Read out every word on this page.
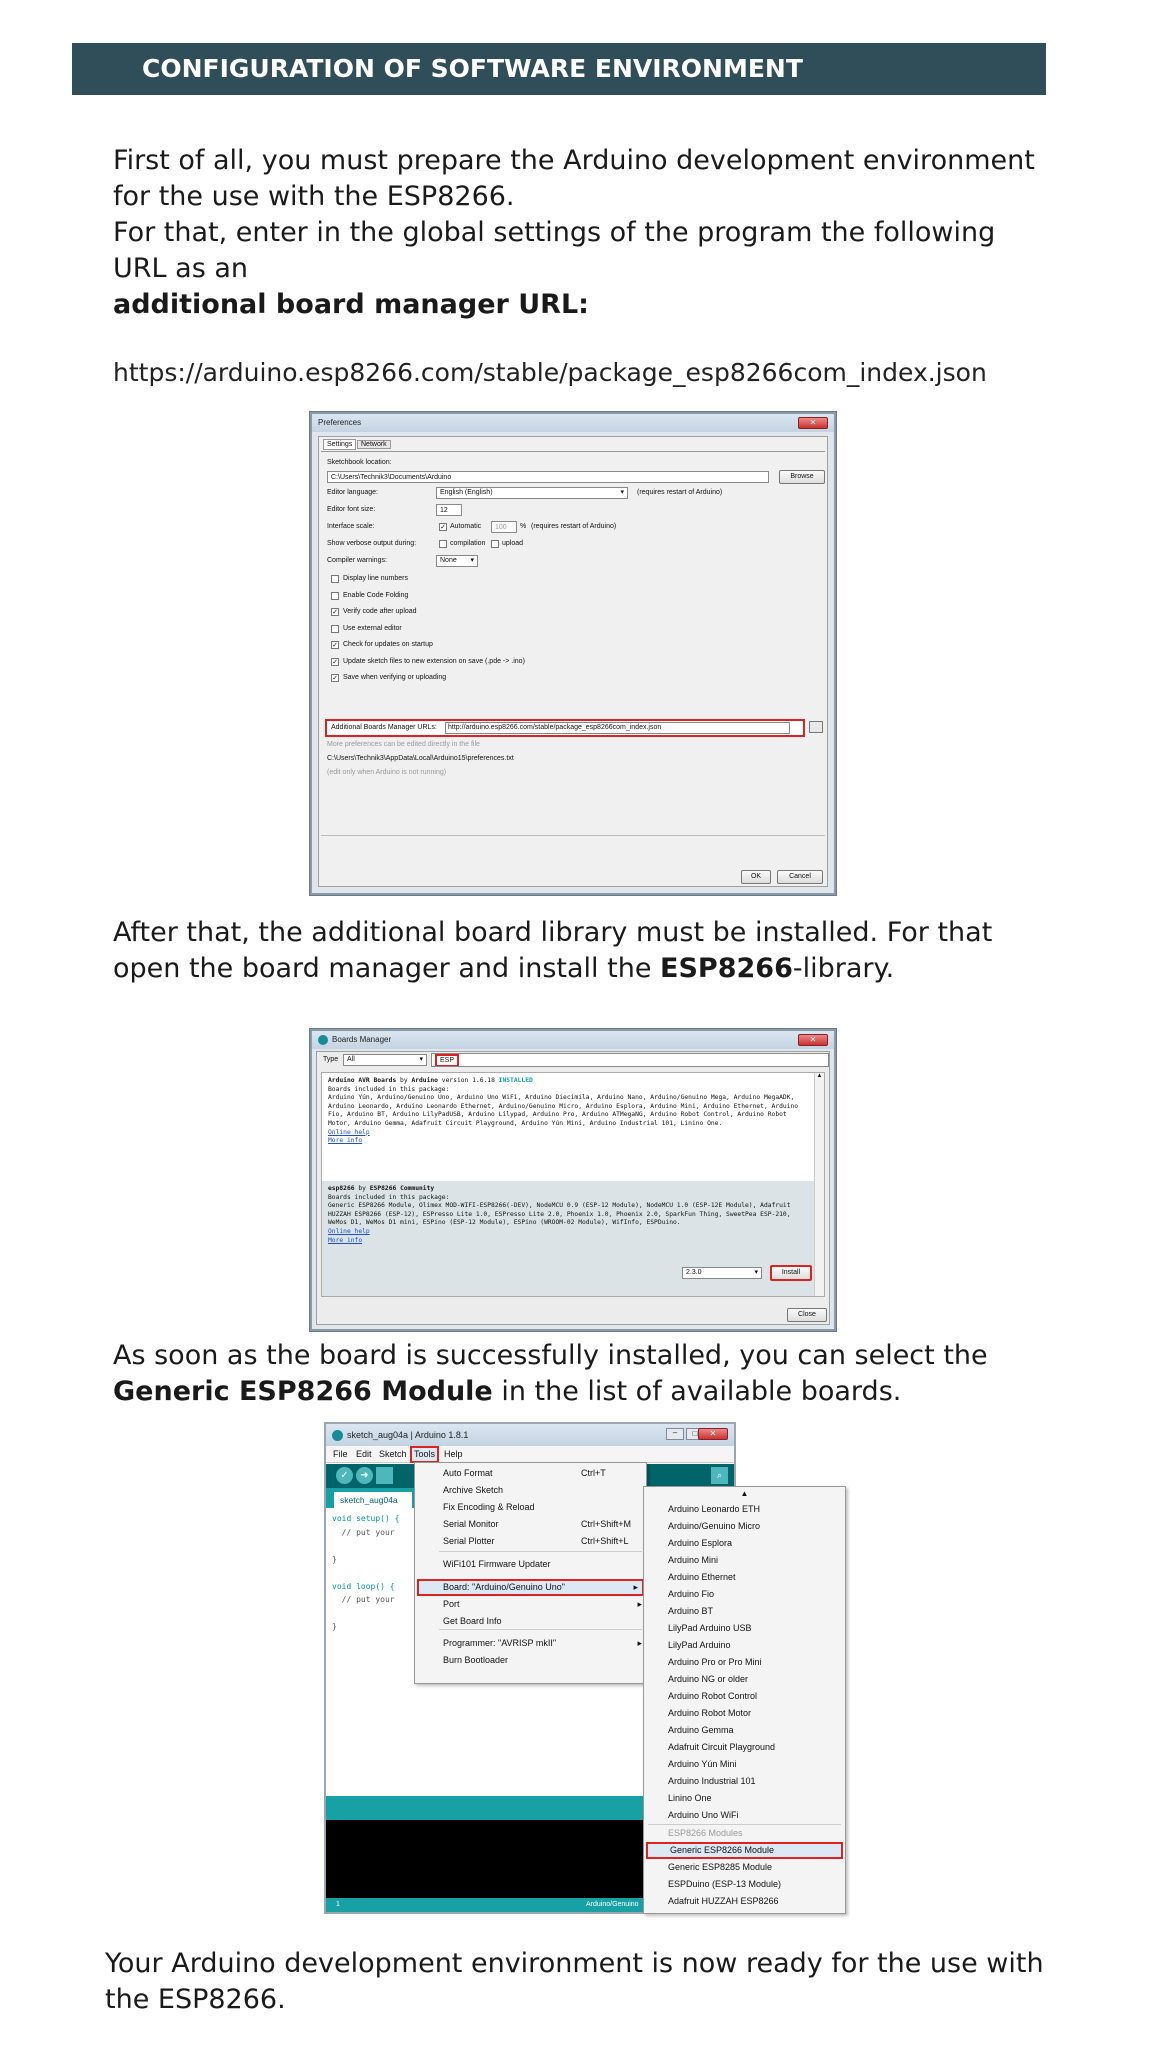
CONFIGURATION OF SOFTWARE ENVIRONMENT
First of all, you must prepare the Arduino development environment for the use with the ESP8266.
For that, enter in the global settings of the program the following URL as an
additional board manager URL:
https://arduino.esp8266.com/stable/package_esp8266com_index.json
Preferences	✕
Settings	Network
Sketchbook location:
C:\Users\Technik3\Documents\Arduino	Browse
Editor language:	English (English)	▾ (requires restart of Arduino)
Editor font size:	12
Interface scale:	✓ Automatic	100	% (requires restart of Arduino)
Show verbose output during:	compilation upload
Compiler warnings:	None ▾
Display line numbers
Enable Code Folding
✓ Verify code after upload
Use external editor
✓ Check for updates on startup
✓ Update sketch files to new extension on save (.pde -> .ino)
✓ Save when verifying or uploading
Additional Boards Manager URLs:	http://arduino.esp8266.com/stable/package_esp8266com_index.json
More preferences can be edited directly in the file
C:\Users\Technik3\AppData\Local\Arduino15\preferences.txt
(edit only when Arduino is not running)
OK	Cancel
After that, the additional board library must be installed. For that open the board manager and install the ESP8266-library.
Boards Manager	✕
Type	All	▾	ESP
Arduino AVR Boards by Arduino version 1.6.18 INSTALLED
Boards included in this package:
Arduino Yún, Arduino/Genuino Uno, Arduino Uno WiFi, Arduino Diecimila, Arduino Nano, Arduino/Genuino Mega, Arduino MegaADK, Arduino Leonardo, Arduino Leonardo Ethernet, Arduino/Genuino Micro, Arduino Esplora, Arduino Mini, Arduino Ethernet, Arduino Fio, Arduino BT, Arduino LilyPadUSB, Arduino Lilypad, Arduino Pro, Arduino ATMegaNG, Arduino Robot Control, Arduino Robot Motor, Arduino Gemma, Adafruit Circuit Playground, Arduino Yún Mini, Arduino Industrial 101, Linino One.
Online help
More info
esp8266 by ESP8266 Community
Boards included in this package:
Generic ESP8266 Module, Olimex MOD-WIFI-ESP8266(-DEV), NodeMCU 0.9 (ESP-12 Module), NodeMCU 1.0 (ESP-12E Module), Adafruit HUZZAH ESP8266 (ESP-12), ESPresso Lite 1.0, ESPresso Lite 2.0, Phoenix 1.0, Phoenix 2.0, SparkFun Thing, SweetPea ESP-210, WeMos D1, WeMos D1 mini, ESPino (ESP-12 Module), ESPino (WROOM-02 Module), WifInfo, ESPDuino.
Online help
More info
2.3.0	▾	Install
▲
Close
As soon as the board is successfully installed, you can select the Generic ESP8266 Module in the list of available boards.
sketch_aug04a | Arduino 1.8.1	–	□	✕
File Edit Sketch Tools Help
✓	➜	⌕
sketch_aug04a
void setup() {
// put your
}
void loop() {
// put your
}
1	Arduino/Genuino
Auto Format	Ctrl+T
Archive Sketch
Fix Encoding & Reload
Serial Monitor	Ctrl+Shift+M
Serial Plotter	Ctrl+Shift+L
WiFi101 Firmware Updater
Board: "Arduino/Genuino Uno"	▸
Port	▸
Get Board Info
Programmer: "AVRISP mkII"	▸
Burn Bootloader
▲
Arduino Leonardo ETH
Arduino/Genuino Micro
Arduino Esplora
Arduino Mini
Arduino Ethernet
Arduino Fio
Arduino BT
LilyPad Arduino USB
LilyPad Arduino
Arduino Pro or Pro Mini
Arduino NG or older
Arduino Robot Control
Arduino Robot Motor
Arduino Gemma
Adafruit Circuit Playground
Arduino Yún Mini
Arduino Industrial 101
Linino One
Arduino Uno WiFi
ESP8266 Modules
Generic ESP8266 Module
Generic ESP8285 Module
ESPDuino (ESP-13 Module)
Adafruit HUZZAH ESP8266
Your Arduino development environment is now ready for the use with the ESP8266.
